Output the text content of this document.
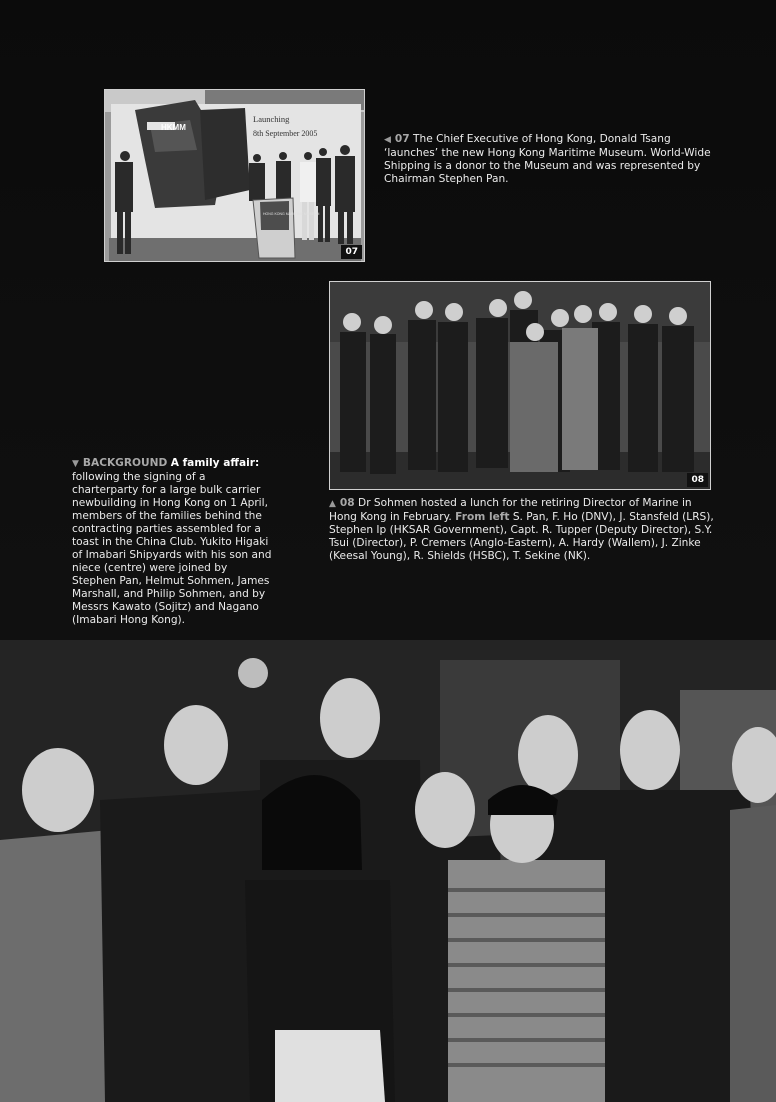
HKMM
HONG KONG MARITIME MUSEUM
Launching
8th September 2005
07
◀ 07 The Chief Executive of Hong Kong, Donald Tsang ‘launches’ the new Hong Kong Maritime Museum. World-Wide Shipping is a donor to the Museum and was represented by Chairman Stephen Pan.
08
▲ 08 Dr Sohmen hosted a lunch for the retiring Director of Marine in Hong Kong in February. From left S. Pan, F. Ho (DNV), J. Stansfeld (LRS), Stephen Ip (HKSAR Government), Capt. R. Tupper (Deputy Director), S.Y. Tsui (Director), P. Cremers (Anglo-Eastern), A. Hardy (Wallem), J. Zinke (Keesal Young), R. Shields (HSBC), T. Sekine (NK).
▼ BACKGROUND A family affair: following the signing of a charterparty for a large bulk carrier newbuilding in Hong Kong on 1 April, members of the families behind the contracting parties assembled for a toast in the China Club. Yukito Higaki of Imabari Shipyards with his son and niece (centre) were joined by Stephen Pan, Helmut Sohmen, James Marshall, and Philip Sohmen, and by Messrs Kawato (Sojitz) and Nagano (Imabari Hong Kong).
